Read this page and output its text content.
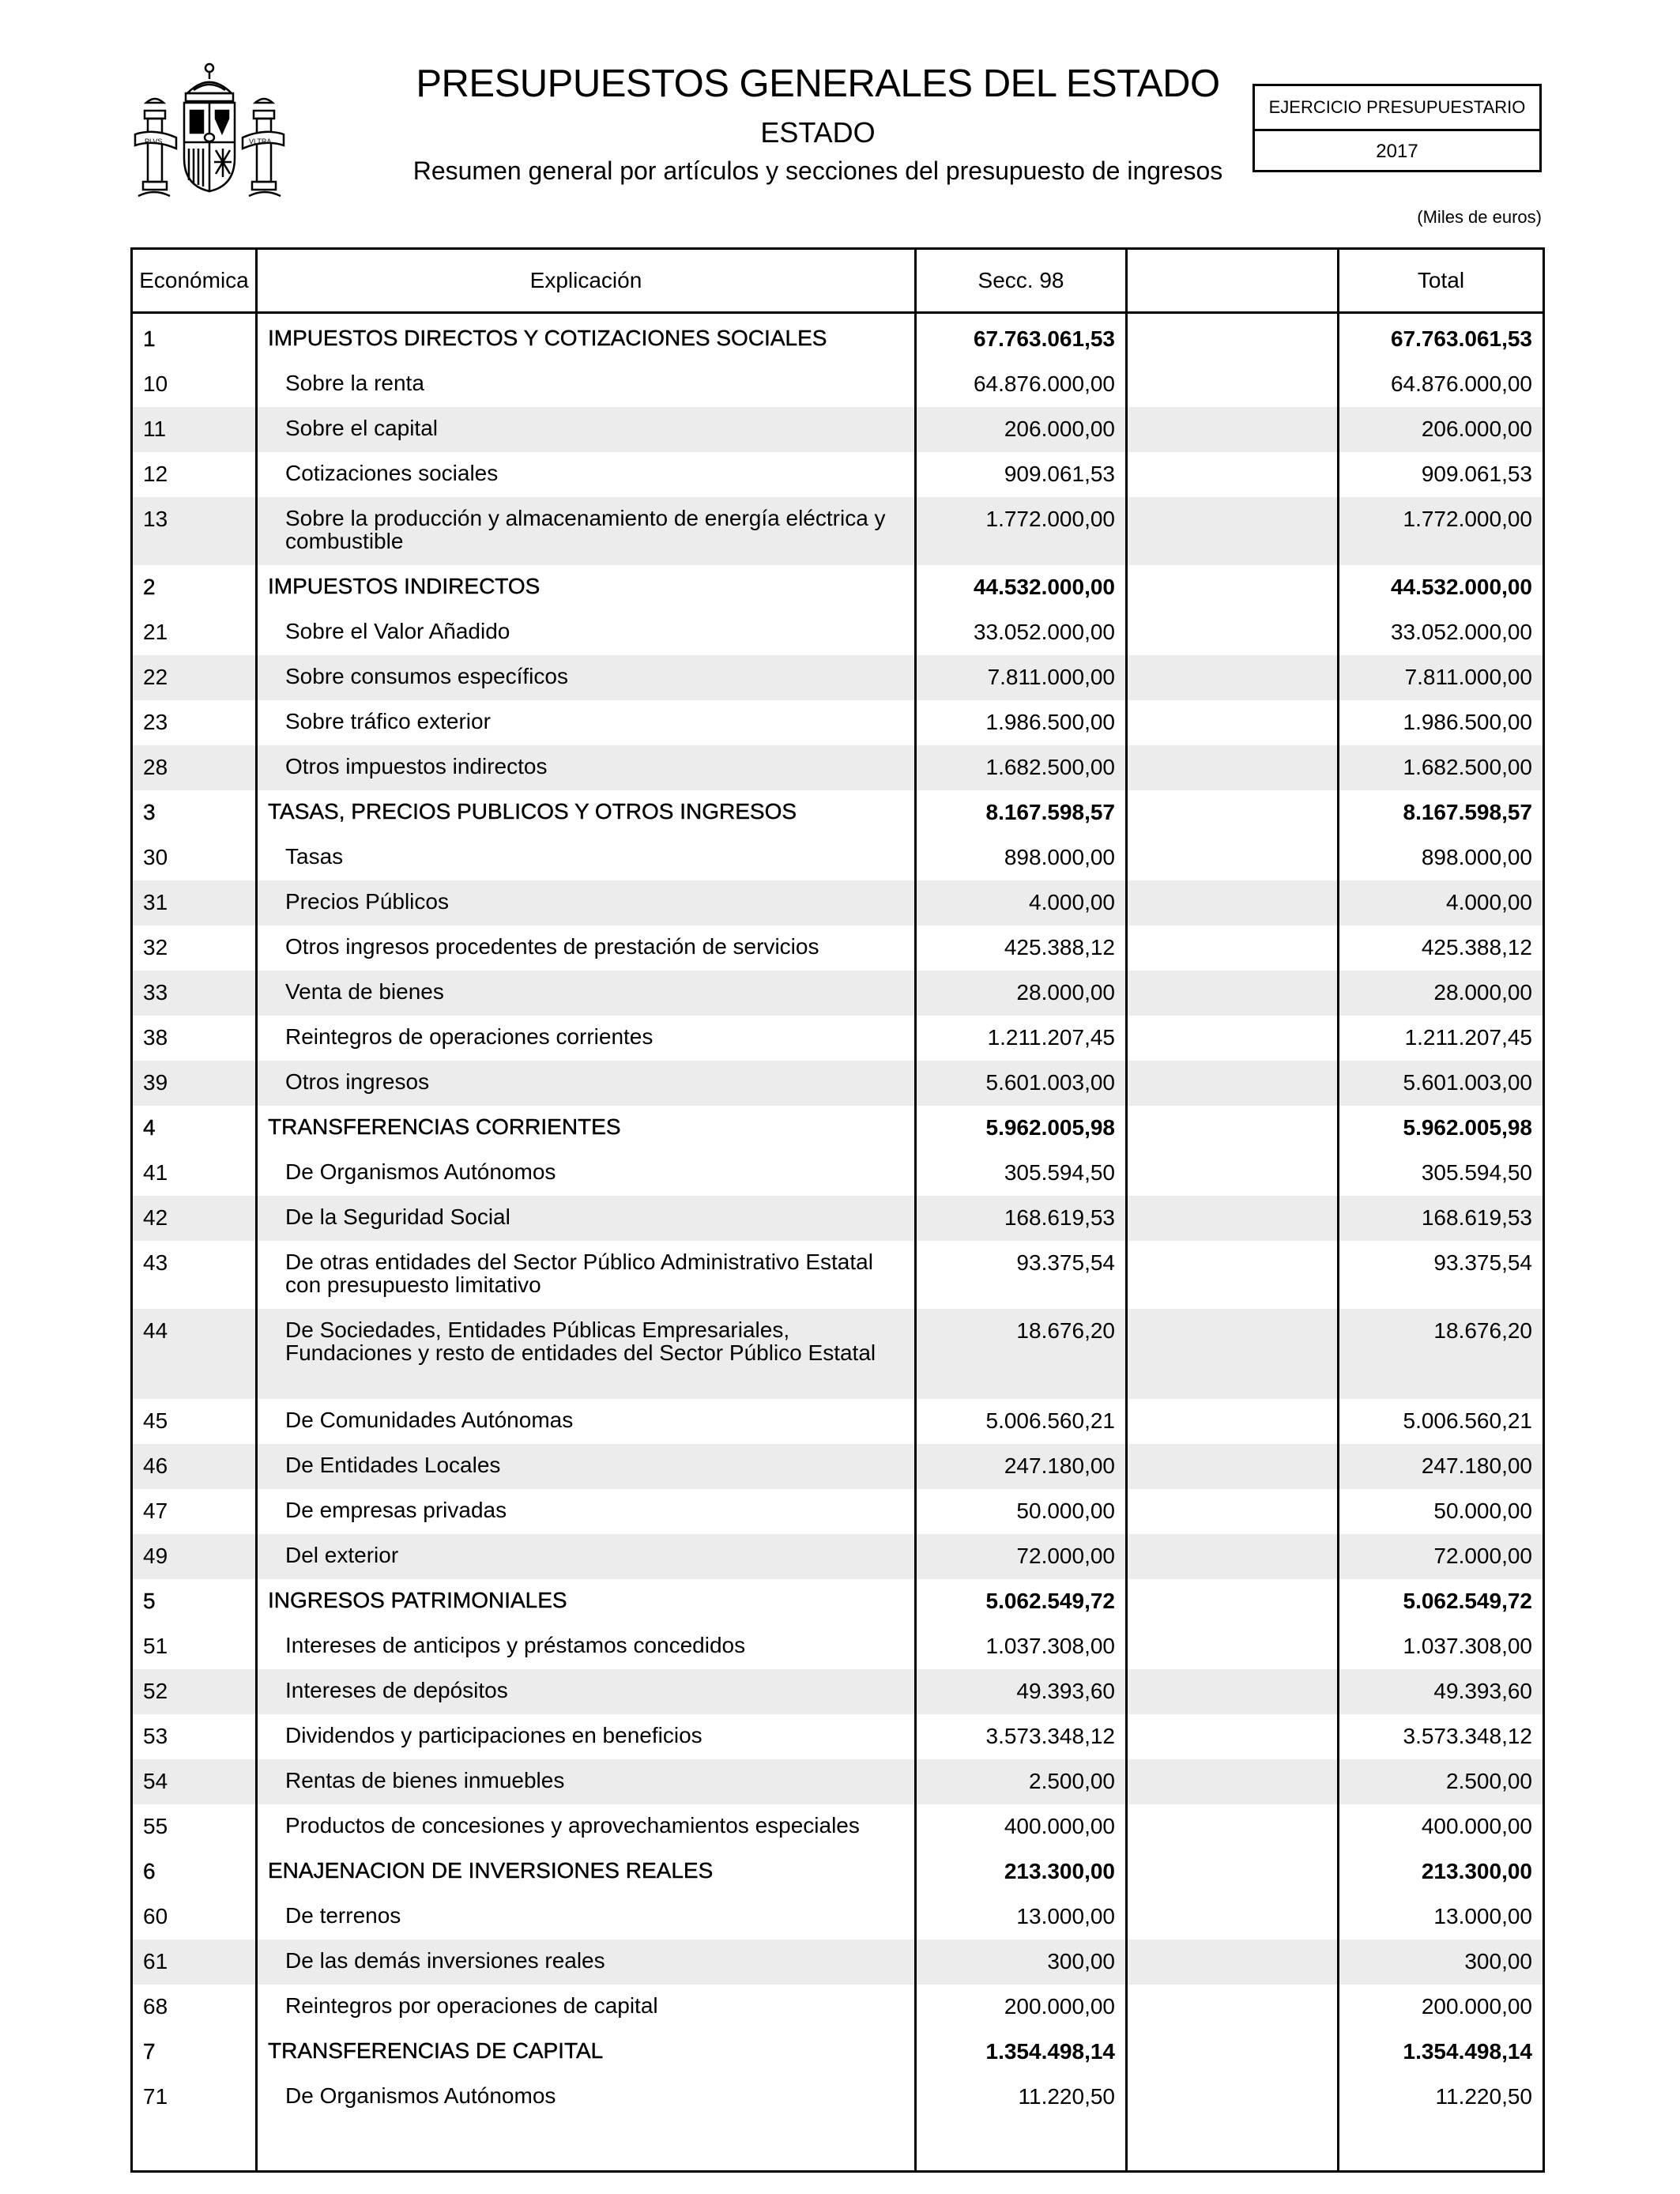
PLVS	VLTRA
PRESUPUESTOS GENERALES DEL ESTADO
ESTADO
Resumen general por artículos y secciones del presupuesto de ingresos
EJERCICIO PRESUPUESTARIO
2017
(Miles de euros)
Económica	Explicación	Secc. 98		Total
1	IMPUESTOS DIRECTOS Y COTIZACIONES SOCIALES	67.763.061,53		67.763.061,53
10	Sobre la renta	64.876.000,00		64.876.000,00
11	Sobre el capital	206.000,00		206.000,00
12	Cotizaciones sociales	909.061,53		909.061,53
13	Sobre la producción y almacenamiento de energía eléctrica y combustible	1.772.000,00		1.772.000,00
2	IMPUESTOS INDIRECTOS	44.532.000,00		44.532.000,00
21	Sobre el Valor Añadido	33.052.000,00		33.052.000,00
22	Sobre consumos específicos	7.811.000,00		7.811.000,00
23	Sobre tráfico exterior	1.986.500,00		1.986.500,00
28	Otros impuestos indirectos	1.682.500,00		1.682.500,00
3	TASAS, PRECIOS PUBLICOS Y OTROS INGRESOS	8.167.598,57		8.167.598,57
30	Tasas	898.000,00		898.000,00
31	Precios Públicos	4.000,00		4.000,00
32	Otros ingresos procedentes de prestación de servicios	425.388,12		425.388,12
33	Venta de bienes	28.000,00		28.000,00
38	Reintegros de operaciones corrientes	1.211.207,45		1.211.207,45
39	Otros ingresos	5.601.003,00		5.601.003,00
4	TRANSFERENCIAS CORRIENTES	5.962.005,98		5.962.005,98
41	De Organismos Autónomos	305.594,50		305.594,50
42	De la Seguridad Social	168.619,53		168.619,53
43	De otras entidades del Sector Público Administrativo Estatal con presupuesto limitativo	93.375,54		93.375,54
44	De Sociedades, Entidades Públicas Empresariales, Fundaciones y resto de entidades del Sector Público Estatal	18.676,20		18.676,20
45	De Comunidades Autónomas	5.006.560,21		5.006.560,21
46	De Entidades Locales	247.180,00		247.180,00
47	De empresas privadas	50.000,00		50.000,00
49	Del exterior	72.000,00		72.000,00
5	INGRESOS PATRIMONIALES	5.062.549,72		5.062.549,72
51	Intereses de anticipos y préstamos concedidos	1.037.308,00		1.037.308,00
52	Intereses de depósitos	49.393,60		49.393,60
53	Dividendos y participaciones en beneficios	3.573.348,12		3.573.348,12
54	Rentas de bienes inmuebles	2.500,00		2.500,00
55	Productos de concesiones y aprovechamientos especiales	400.000,00		400.000,00
6	ENAJENACION DE INVERSIONES REALES	213.300,00		213.300,00
60	De terrenos	13.000,00		13.000,00
61	De las demás inversiones reales	300,00		300,00
68	Reintegros por operaciones de capital	200.000,00		200.000,00
7	TRANSFERENCIAS DE CAPITAL	1.354.498,14		1.354.498,14
71	De Organismos Autónomos	11.220,50		11.220,50
